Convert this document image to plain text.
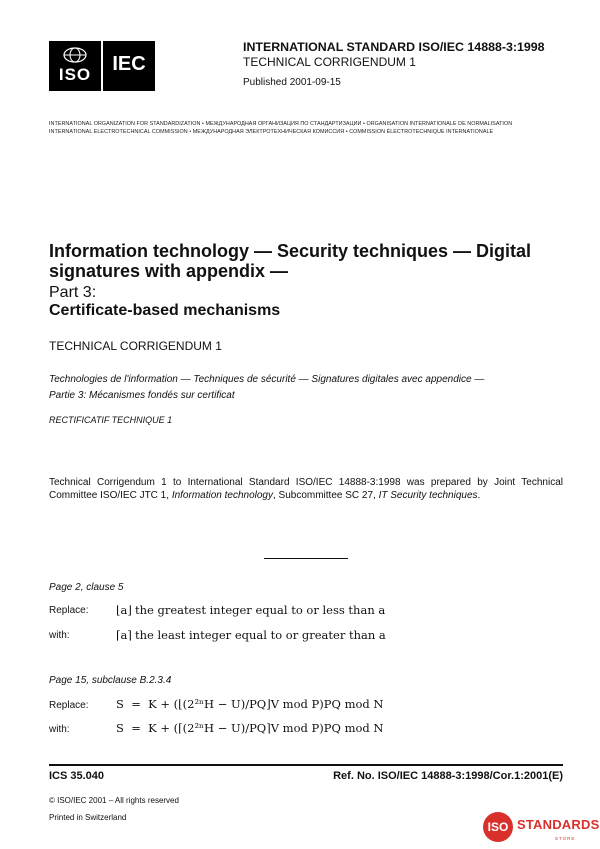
ISO	IEC
INTERNATIONAL STANDARD ISO/IEC 14888-3:1998
TECHNICAL CORRIGENDUM 1
Published 2001-09-15
INTERNATIONAL ORGANIZATION FOR STANDARDIZATION • МЕЖДУНАРОДНАЯ ОРГАНИЗАЦИЯ ПО СТАНДАРТИЗАЦИИ • ORGANISATION INTERNATIONALE DE NORMALISATION
INTERNATIONAL ELECTROTECHNICAL COMMISSION • МЕЖДУНАРОДНАЯ ЭЛЕКТРОТЕХНИЧЕСКАЯ КОМИССИЯ • COMMISSION ÉLECTROTECHNIQUE INTERNATIONALE
Information technology — Security techniques — Digital signatures with appendix —
Part 3:
Certificate-based mechanisms
TECHNICAL CORRIGENDUM 1
Technologies de l'information — Techniques de sécurité — Signatures digitales avec appendice —
Partie 3: Mécanismes fondés sur certificat
RECTIFICATIF TECHNIQUE 1
Technical Corrigendum 1 to International Standard ISO/IEC 14888-3:1998 was prepared by Joint Technical Committee ISO/IEC JTC 1, Information technology, Subcommittee SC 27, IT Security techniques.
Page 2, clause 5
Replace: ⌊a⌋ the greatest integer equal to or less than a
with:	⌈a⌉ the least integer equal to or greater than a
Page 15, subclause B.2.3.4
Replace: S  =  K + (⌊(2²ⁿH − U)/PQ⌋V mod P)PQ mod N
with:	S  =  K + (⌈(2²ⁿH − U)/PQ⌉V mod P)PQ mod N
ICS 35.040	Ref. No. ISO/IEC 14888-3:1998/Cor.1:2001(E)
© ISO/IEC 2001 – All rights reserved
Printed in Switzerland
ISO STANDARDS
STORE
